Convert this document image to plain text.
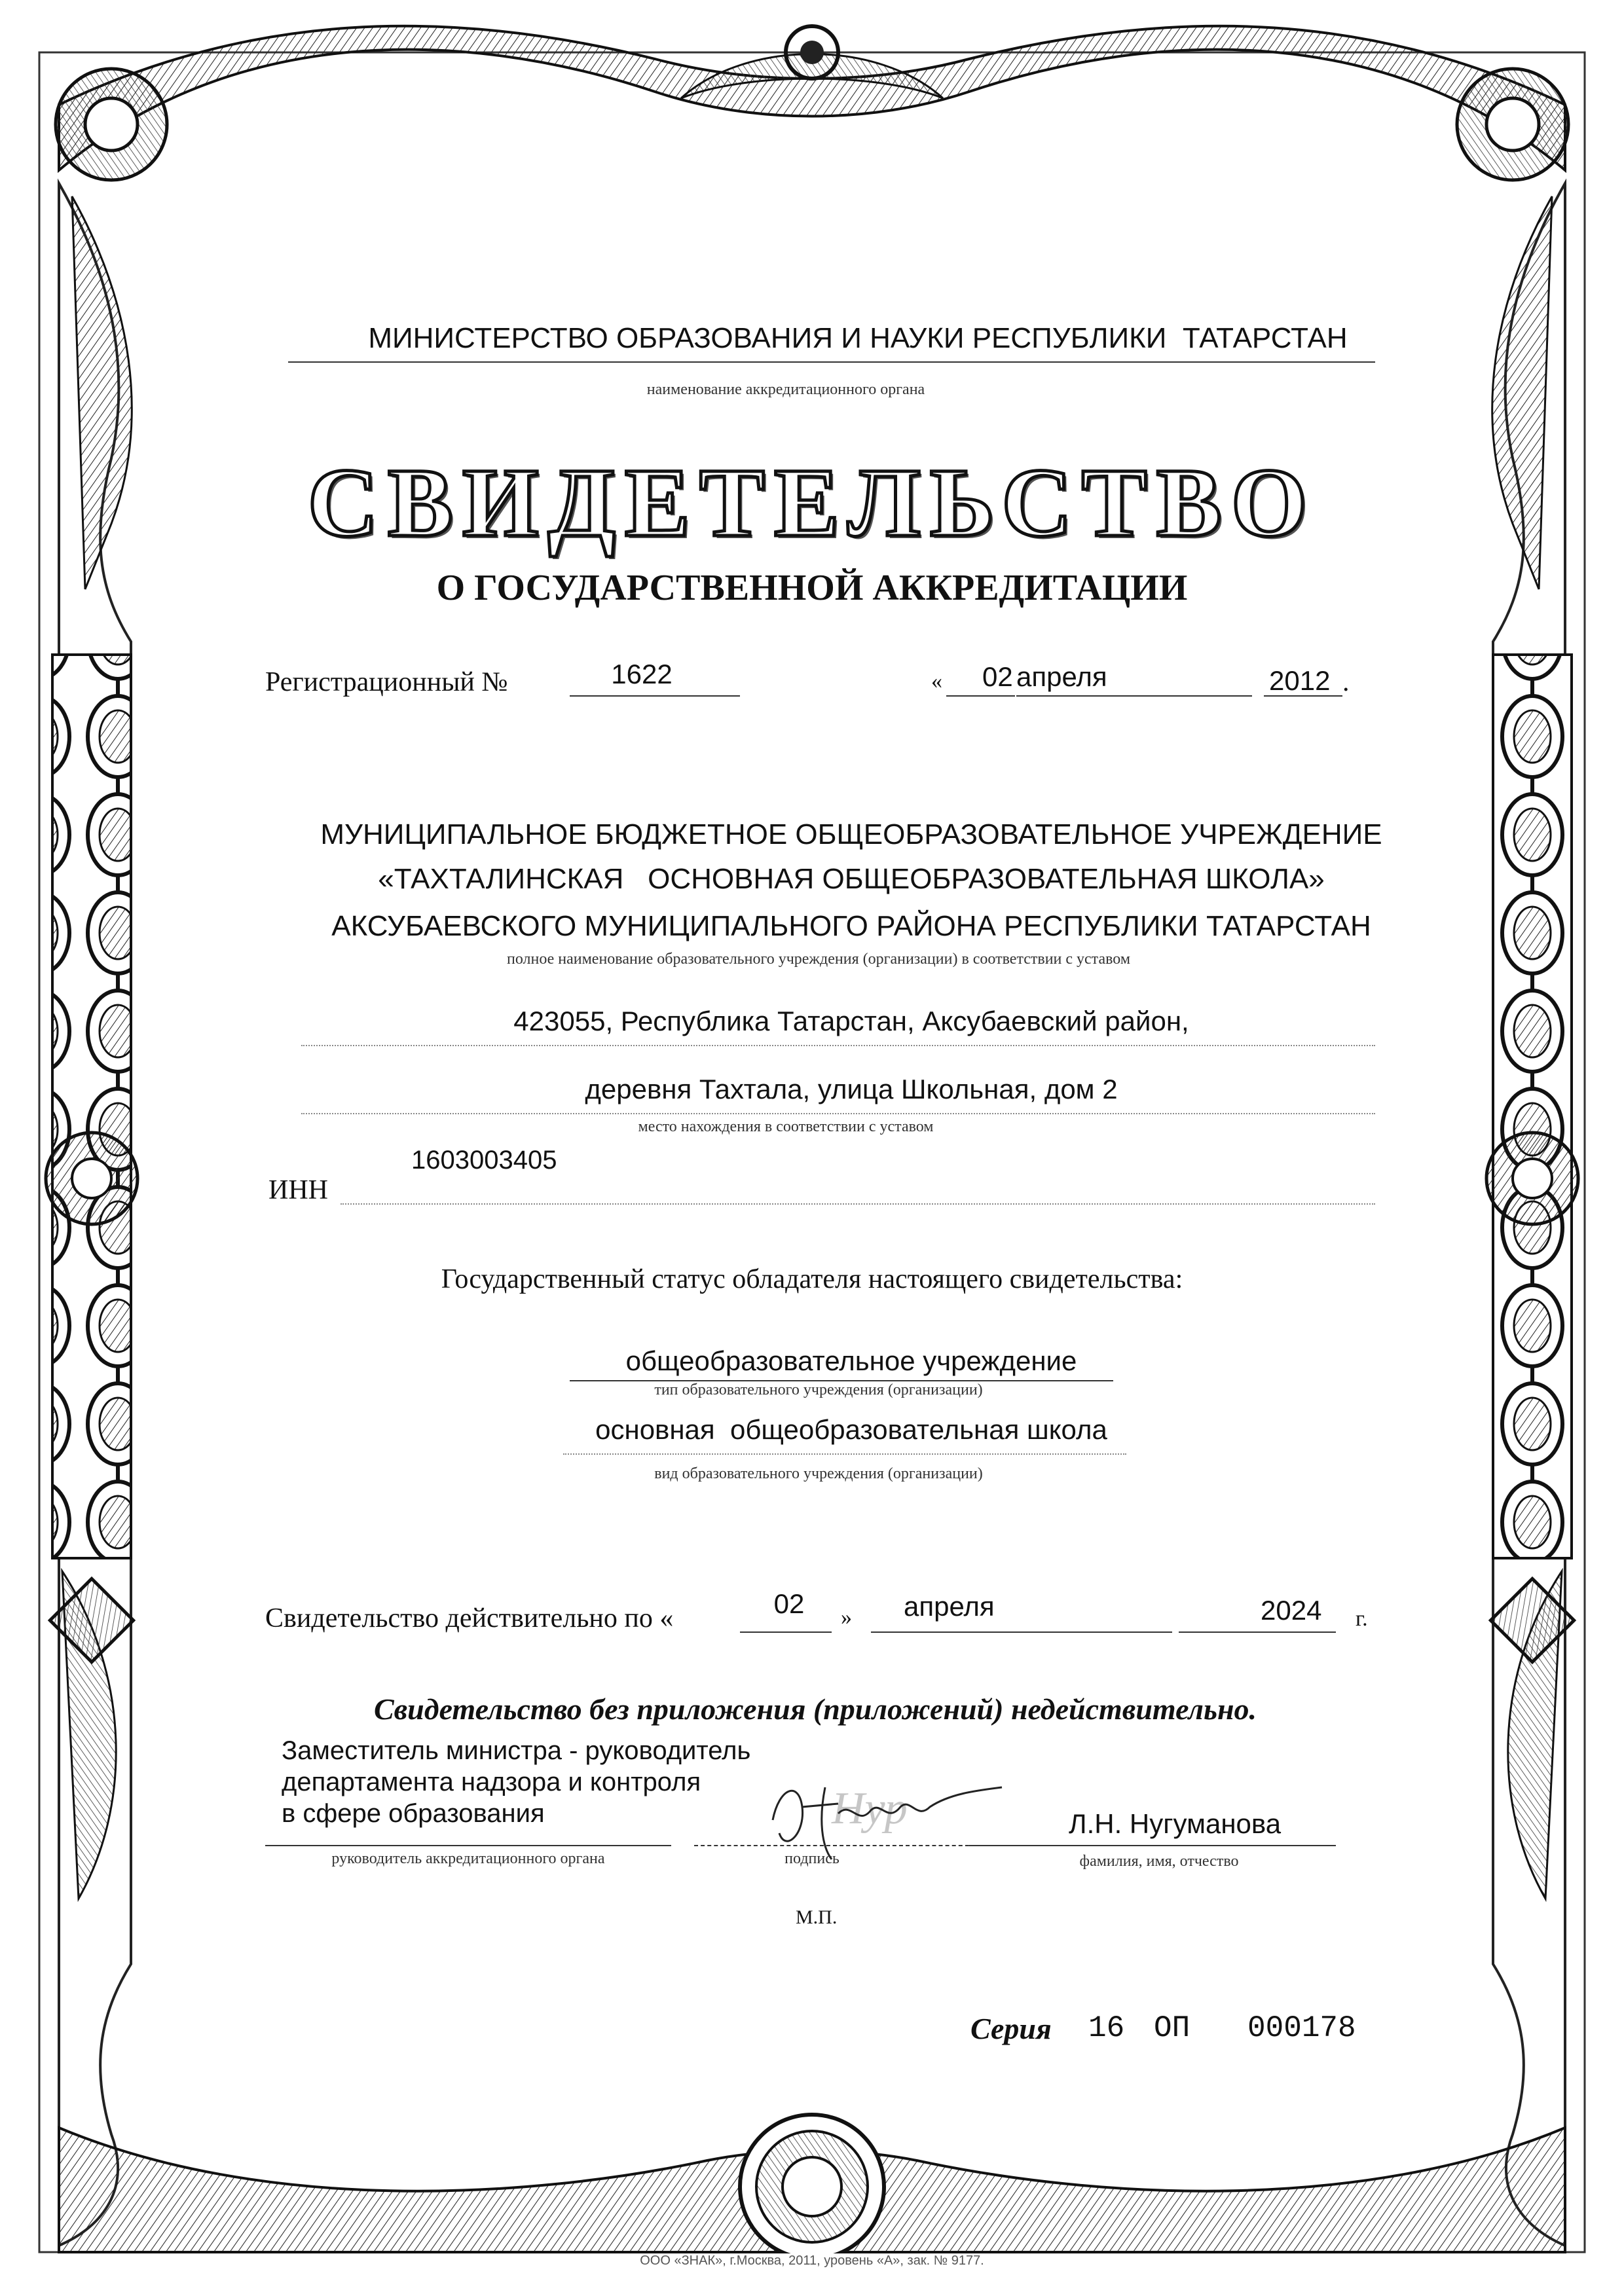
МИНИСТЕРСТВО ОБРАЗОВАНИЯ И НАУКИ РЕСПУБЛИКИ  ТАТАРСТАН
наименование аккредитационного органа
СВИДЕТЕЛЬСТВО
О ГОСУДАРСТВЕННОЙ АККРЕДИТАЦИИ
Регистрационный №	1622	« 02 апреля	2012 .
МУНИЦИПАЛЬНОЕ БЮДЖЕТНОЕ ОБЩЕОБРАЗОВАТЕЛЬНОЕ УЧРЕЖДЕНИЕ
«ТАХТАЛИНСКАЯ   ОСНОВНАЯ ОБЩЕОБРАЗОВАТЕЛЬНАЯ ШКОЛА»
АКСУБАЕВСКОГО МУНИЦИПАЛЬНОГО РАЙОНА РЕСПУБЛИКИ ТАТАРСТАН
полное наименование образовательного учреждения (организации) в соответствии с уставом
423055, Республика Татарстан, Аксубаевский район,
деревня Тахтала, улица Школьная, дом 2
место нахождения в соответствии с уставом
1603003405
ИНН
Государственный статус обладателя настоящего свидетельства:
общеобразовательное учреждение
тип образовательного учреждения (организации)
основная  общеобразовательная школа
вид образовательного учреждения (организации)
Свидетельство действительно по «	02	» апреля	2024 г.
Свидетельство без приложения (приложений) недействительно.
Заместитель министра - руководитель
департамента надзора и контроля
в сфере образования
руководитель аккредитационного органа
Нур
подпись
Л.Н. Нугуманова
фамилия, имя, отчество
М.П.
Серия 16 ОП 000178
ООО «ЗНАК», г.Москва, 2011, уровень «А», зак. № 9177.
